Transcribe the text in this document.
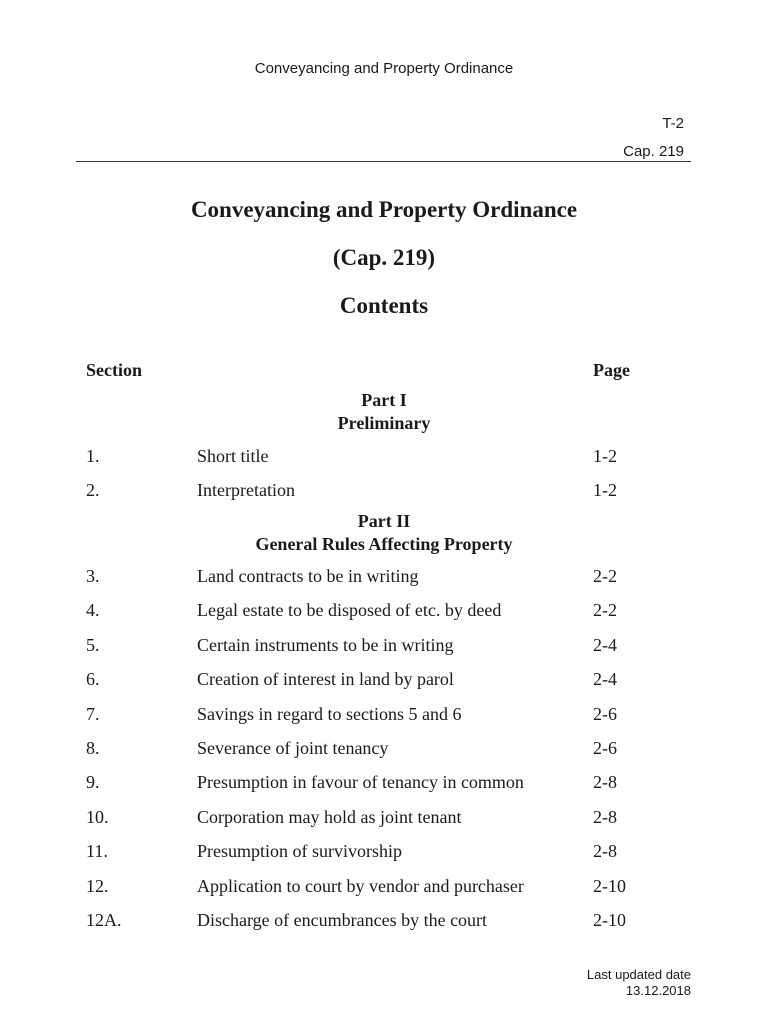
Conveyancing and Property Ordinance
T-2
Cap. 219
Conveyancing and Property Ordinance
(Cap. 219)
Contents
Section	Page
Part I
Preliminary
1.	Short title	1-2
2.	Interpretation	1-2
Part II
General Rules Affecting Property
3.	Land contracts to be in writing	2-2
4.	Legal estate to be disposed of etc. by deed	2-2
5.	Certain instruments to be in writing	2-4
6.	Creation of interest in land by parol	2-4
7.	Savings in regard to sections 5 and 6	2-6
8.	Severance of joint tenancy	2-6
9.	Presumption in favour of tenancy in common	2-8
10.	Corporation may hold as joint tenant	2-8
11.	Presumption of survivorship	2-8
12.	Application to court by vendor and purchaser	2-10
12A.	Discharge of encumbrances by the court	2-10
Last updated date
13.12.2018
